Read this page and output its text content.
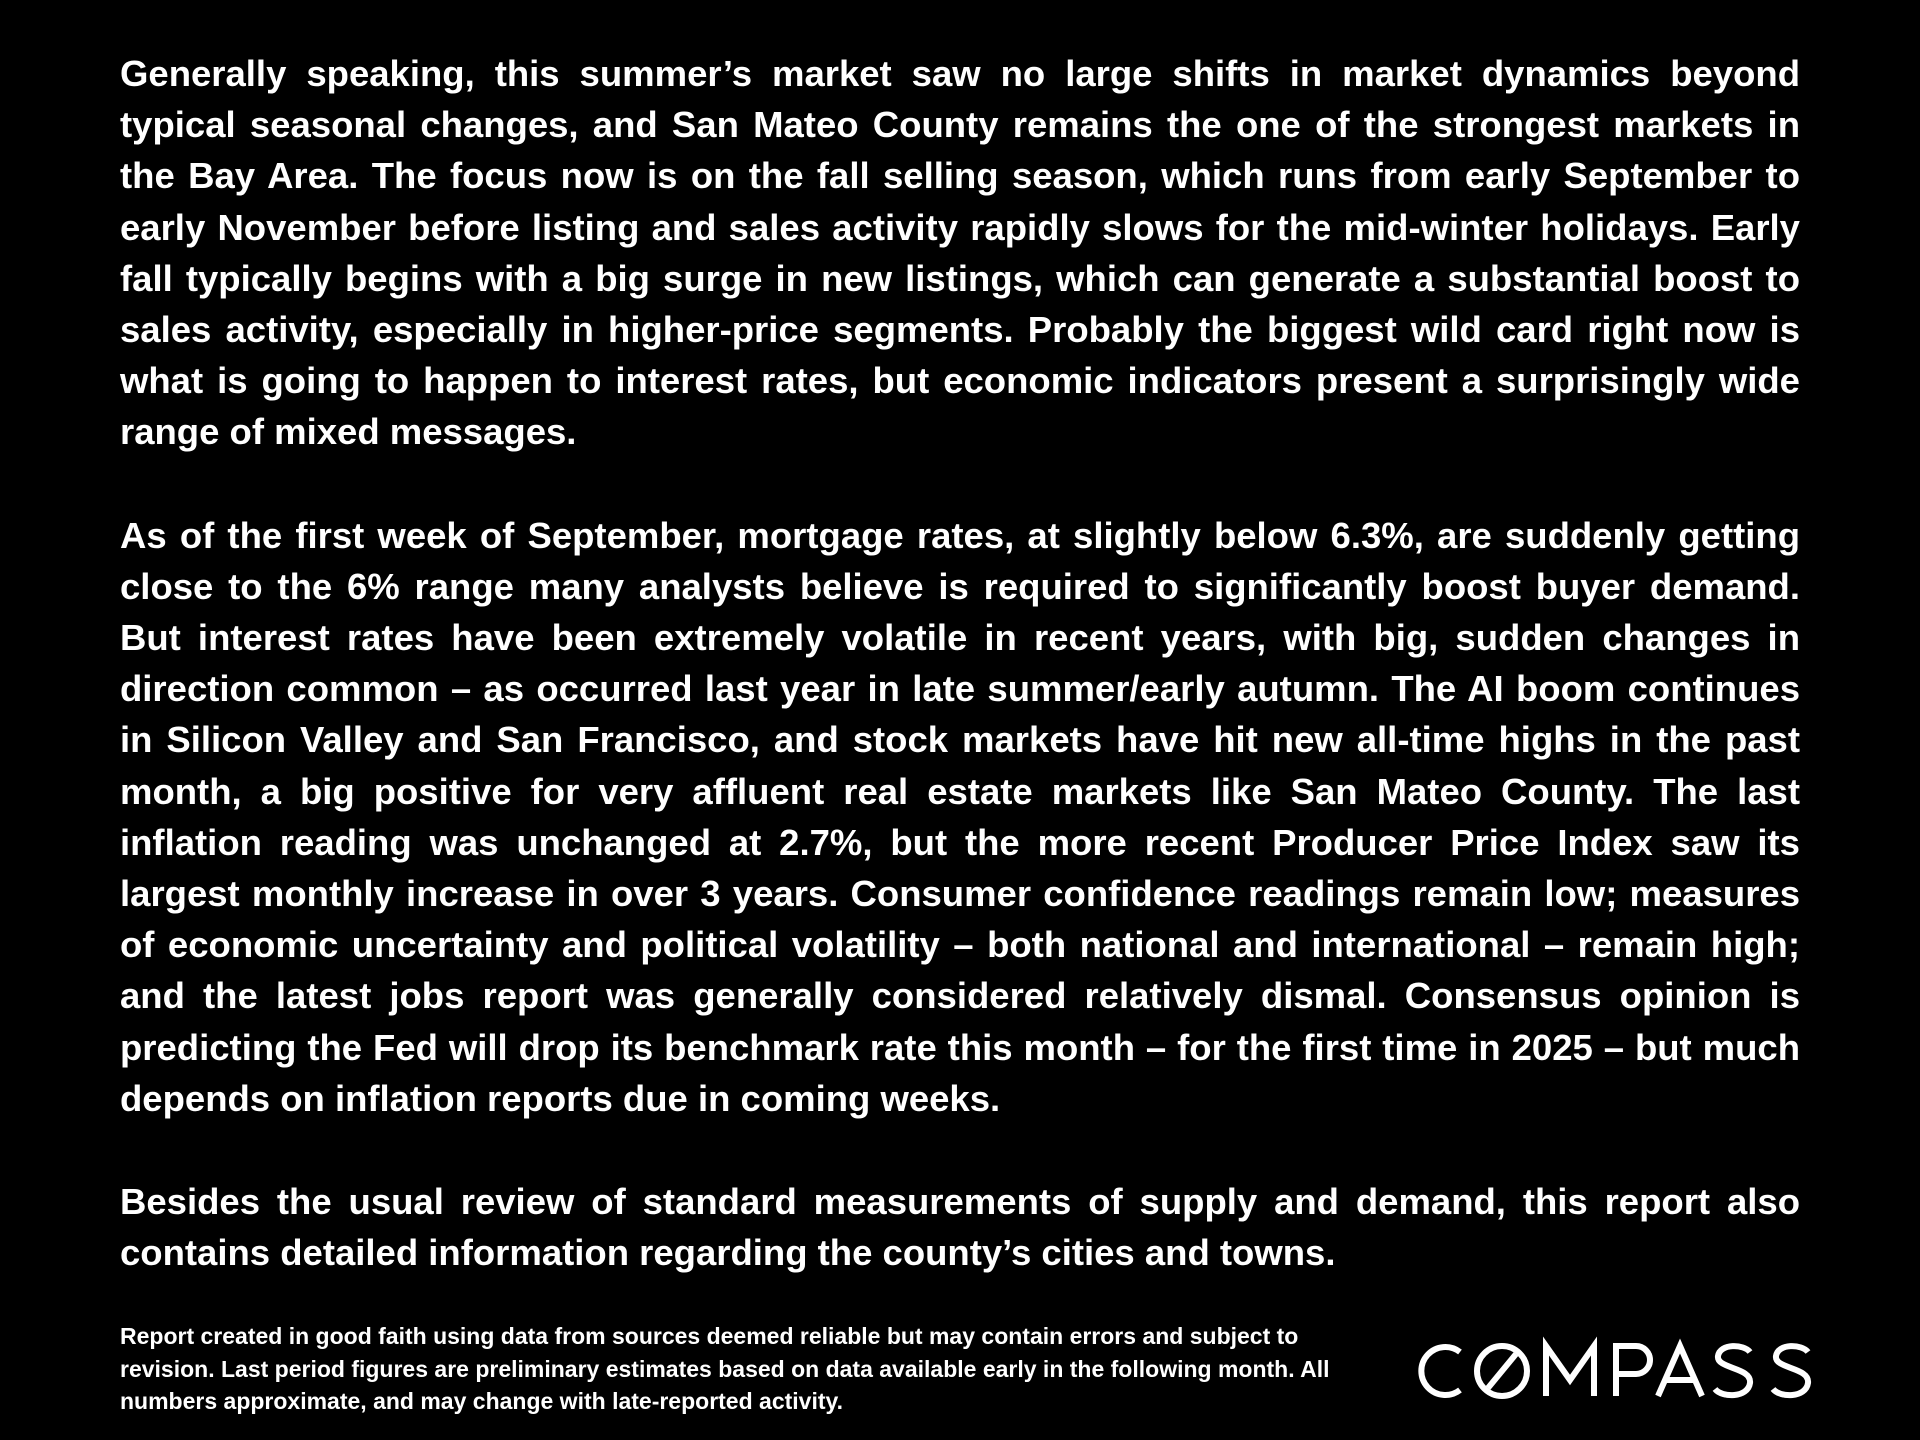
Generally speaking, this summer’s market saw no large shifts in market dynamics beyond typical seasonal changes, and San Mateo County remains the one of the strongest markets in the Bay Area. The focus now is on the fall selling season, which runs from early September to early November before listing and sales activity rapidly slows for the mid-winter holidays. Early fall typically begins with a big surge in new listings, which can generate a substantial boost to sales activity, especially in higher-price segments. Probably the biggest wild card right now is what is going to happen to interest rates, but economic indicators present a surprisingly wide range of mixed messages.

As of the first week of September, mortgage rates, at slightly below 6.3%, are suddenly getting close to the 6% range many analysts believe is required to significantly boost buyer demand. But interest rates have been extremely volatile in recent years, with big, sudden changes in direction common – as occurred last year in late summer/early autumn. The AI boom continues in Silicon Valley and San Francisco, and stock markets have hit new all-time highs in the past month, a big positive for very affluent real estate markets like San Mateo County. The last inflation reading was unchanged at 2.7%, but the more recent Producer Price Index saw its largest monthly increase in over 3 years. Consumer confidence readings remain low; measures of economic uncertainty and political volatility – both national and international – remain high; and the latest jobs report was generally considered relatively dismal. Consensus opinion is predicting the Fed will drop its benchmark rate this month – for the first time in 2025 – but much depends on inflation reports due in coming weeks.

Besides the usual review of standard measurements of supply and demand, this report also contains detailed information regarding the county’s cities and towns.

Report created in good faith using data from sources deemed reliable but may contain errors and subject to revision. Last period figures are preliminary estimates based on data available early in the following month. All numbers approximate, and may change with late-reported activity.
